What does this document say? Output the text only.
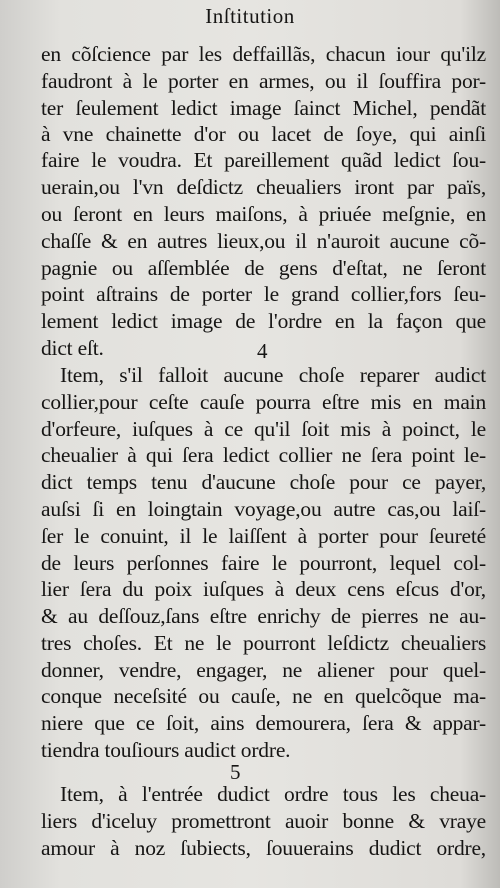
Inſtitution
en cõſcience par les deffaillãs, chacun iour qu'ilz
faudront à le porter en armes, ou il ſouffira por-
ter ſeulement ledict image ſainct Michel, pendãt
à vne chainette d'or ou lacet de ſoye, qui ainſi
faire le voudra. Et pareillement quãd ledict ſou-
uerain,ou l'vn deſdictz cheualiers iront par païs,
ou ſeront en leurs maiſons, à priuée meſgnie, en
chaſſe & en autres lieux,ou il n'auroit aucune cõ-
pagnie ou aſſemblée de gens d'eſtat, ne ſeront
point aſtrains de porter le grand collier,fors ſeu-
lement ledict image de l'ordre en la façon que
dict eſt.	4
Item, s'il falloit aucune choſe reparer audict
collier,pour ceſte cauſe pourra eſtre mis en main
d'orfeure, iuſques à ce qu'il ſoit mis à poinct, le
cheualier à qui ſera ledict collier ne ſera point le-
dict temps tenu d'aucune choſe pour ce payer,
auſsi ſi en loingtain voyage,ou autre cas,ou laiſ-
ſer le conuint, il le laiſſent à porter pour ſeureté
de leurs perſonnes faire le pourront, lequel col-
lier ſera du poix iuſques à deux cens eſcus d'or,
& au deſſouz,ſans eſtre enrichy de pierres ne au-
tres choſes. Et ne le pourront leſdictz cheualiers
donner, vendre, engager, ne aliener pour quel-
conque neceſsité ou cauſe, ne en quelcõque ma-
niere que ce ſoit, ains demourera, ſera & appar-
tiendra touſiours audict ordre.
5
Item, à l'entrée dudict ordre tous les cheua-
liers d'iceluy promettront auoir bonne & vraye
amour à noz ſubiects, ſouuerains dudict ordre,
